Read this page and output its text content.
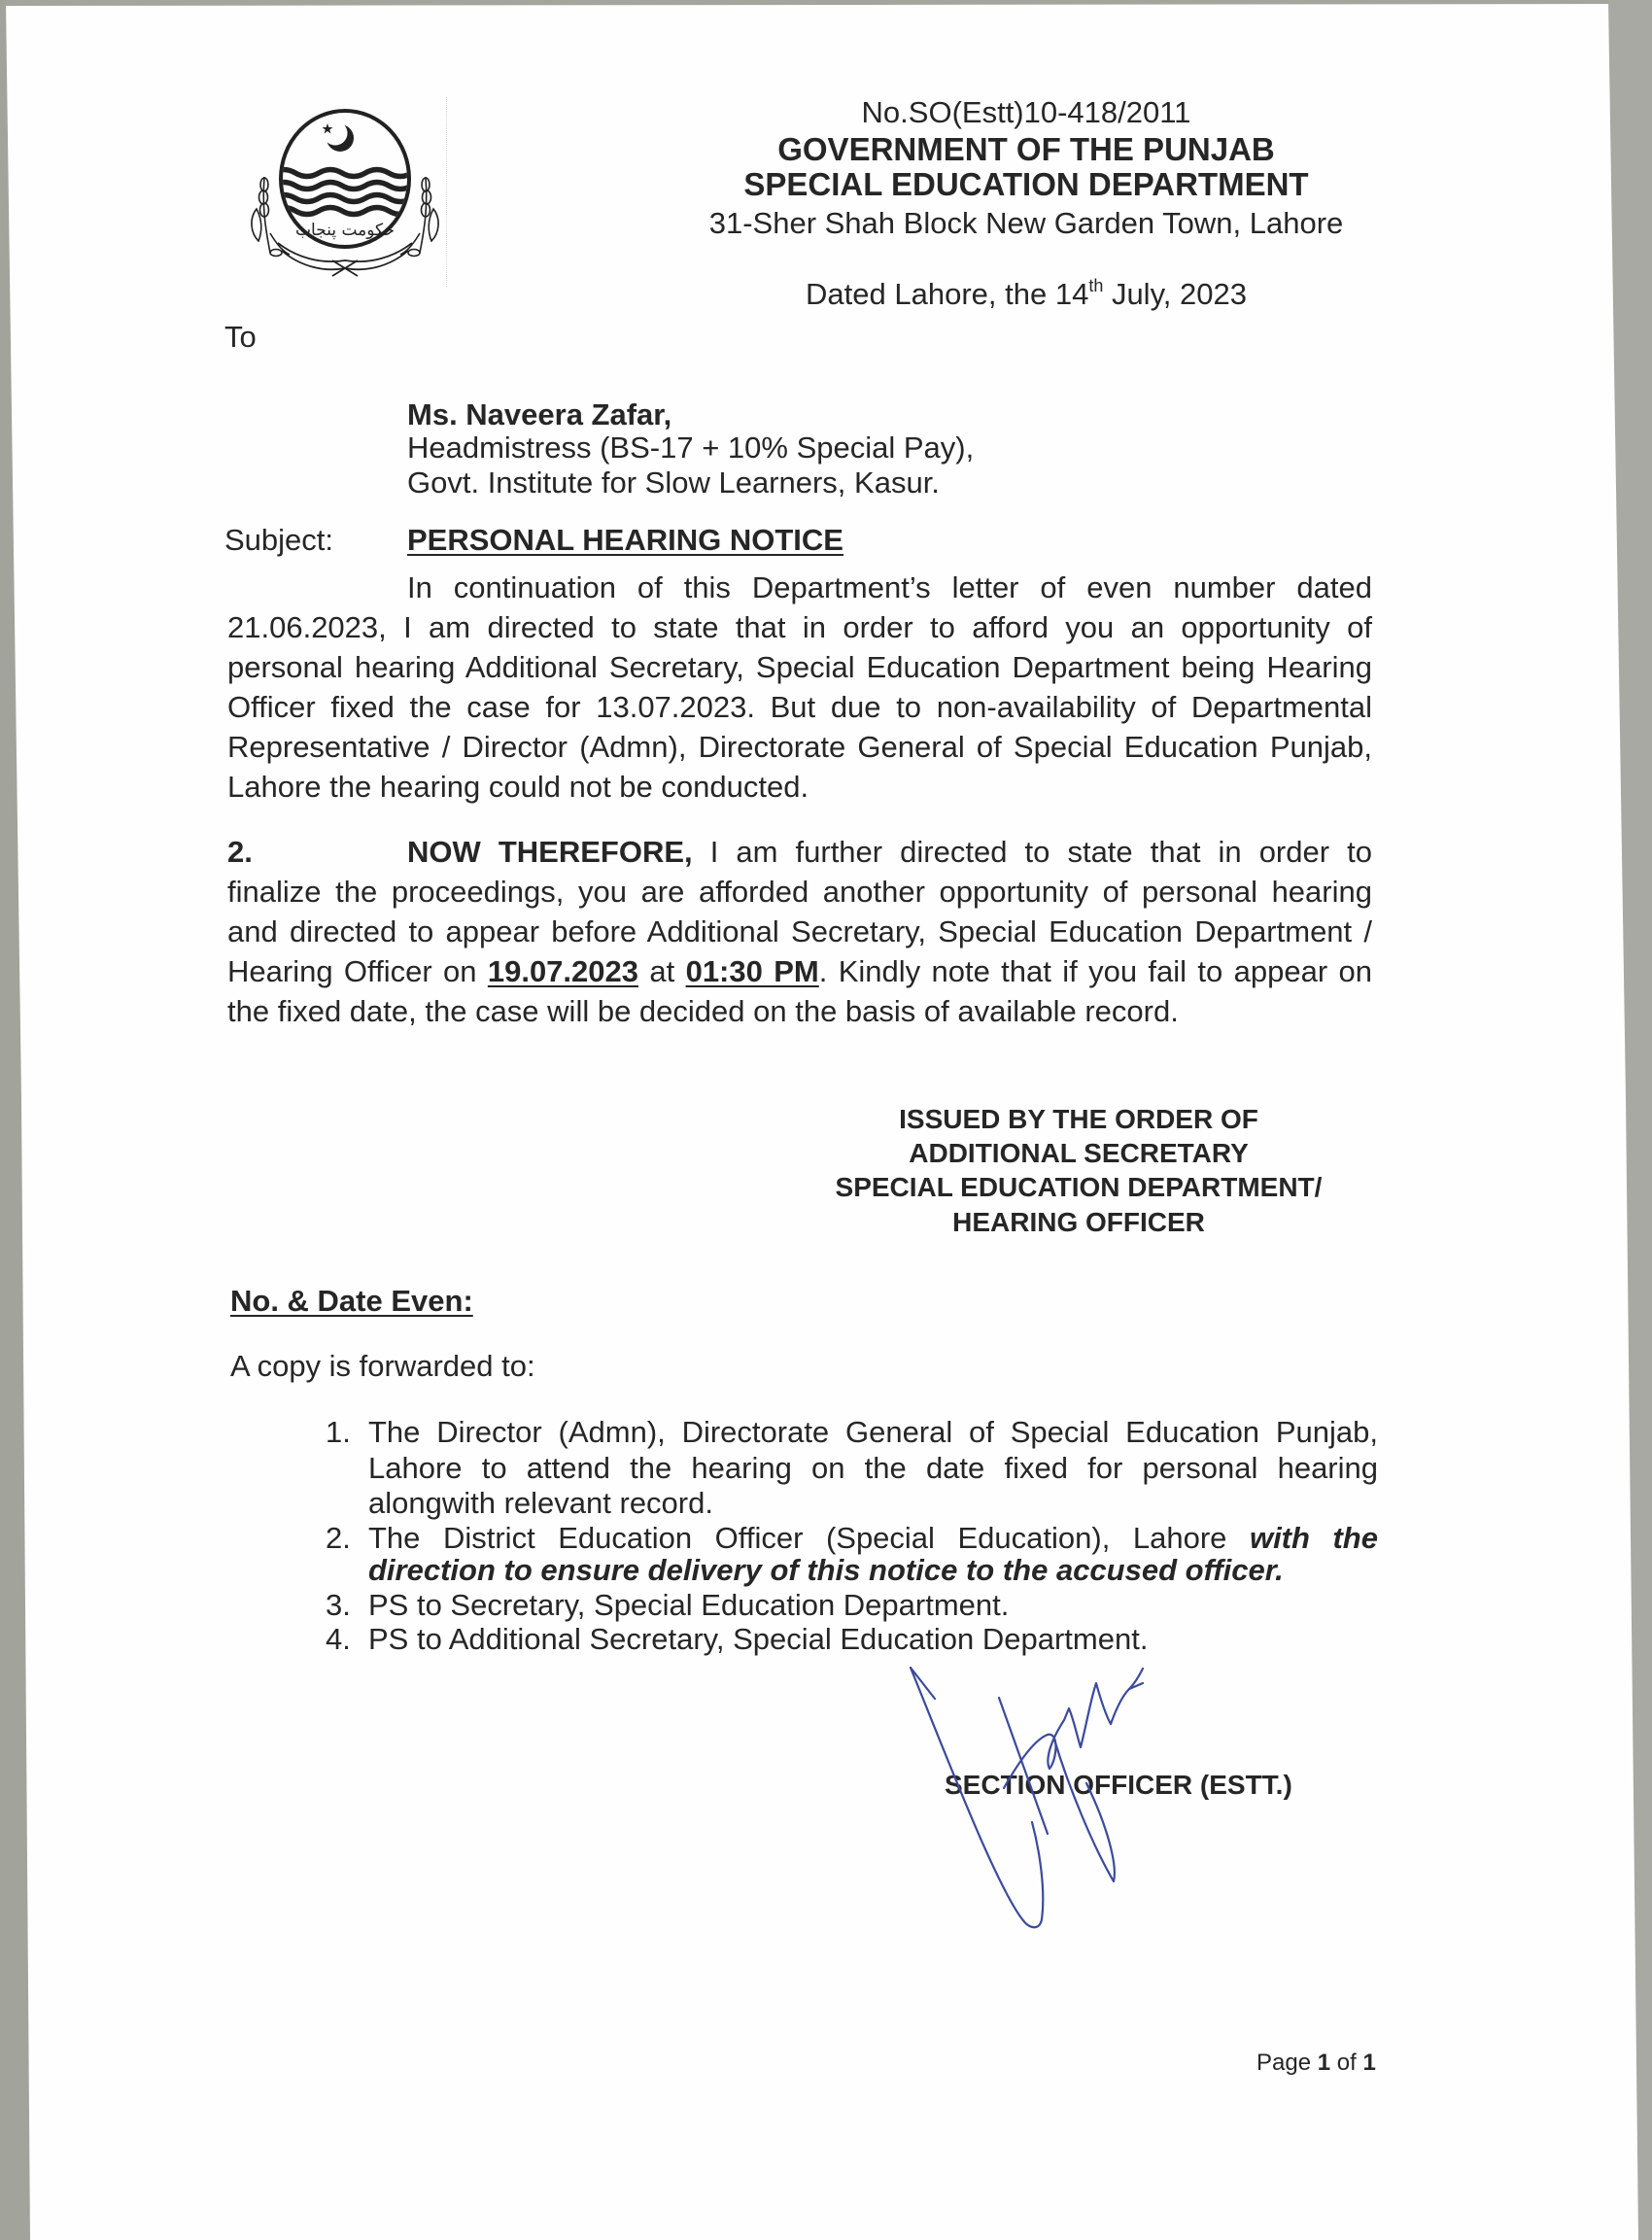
حکومت پنجاب
No.SO(Estt)10-418/2011
GOVERNMENT OF THE PUNJAB
SPECIAL EDUCATION DEPARTMENT
31-Sher Shah Block New Garden Town, Lahore
Dated Lahore, the 14th July, 2023
To
Ms. Naveera Zafar,
Headmistress (BS-17 + 10% Special Pay),
Govt. Institute for Slow Learners, Kasur.
Subject: PERSONAL HEARING NOTICE
In continuation of this Department’s letter of even number dated
21.06.2023, I am directed to state that in order to afford you an opportunity of
personal hearing Additional Secretary, Special Education Department being Hearing
Officer fixed the case for 13.07.2023. But due to non-availability of Departmental
Representative / Director (Admn), Directorate General of Special Education Punjab,
Lahore the hearing could not be conducted.
2.	NOW THEREFORE, I am further directed to state that in order to
finalize the proceedings, you are afforded another opportunity of personal hearing
and directed to appear before Additional Secretary, Special Education Department /
Hearing Officer on 19.07.2023 at 01:30 PM. Kindly note that if you fail to appear on
the fixed date, the case will be decided on the basis of available record.
ISSUED BY THE ORDER OF
ADDITIONAL SECRETARY
SPECIAL EDUCATION DEPARTMENT/
HEARING OFFICER
No. & Date Even:
A copy is forwarded to:
1. The Director (Admn), Directorate General of Special Education Punjab,
Lahore to attend the hearing on the date fixed for personal hearing
alongwith relevant record.
2. The District Education Officer (Special Education), Lahore with the
direction to ensure delivery of this notice to the accused officer.
3. PS to Secretary, Special Education Department.
4. PS to Additional Secretary, Special Education Department.
SECTION OFFICER (ESTT.)
Page 1 of 1
